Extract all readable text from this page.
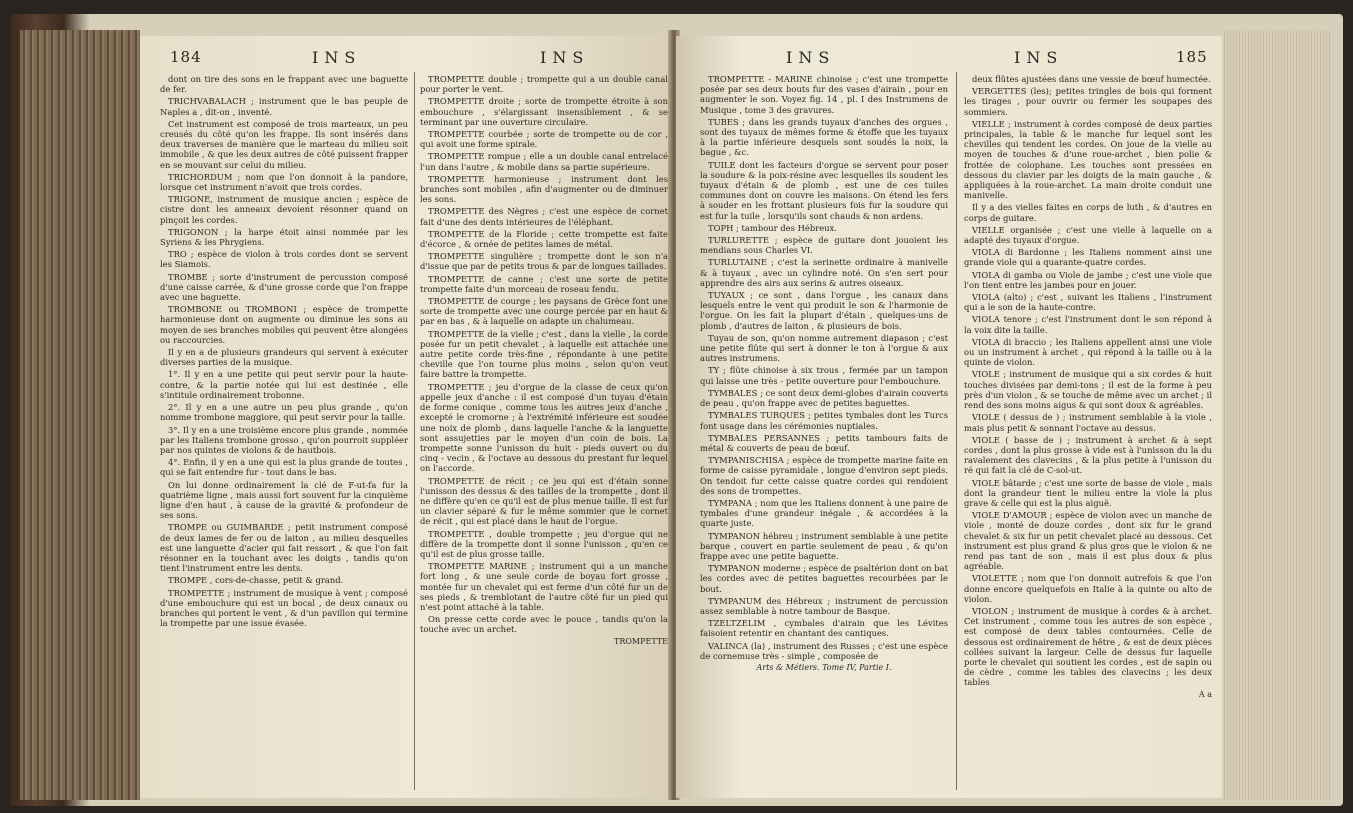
184	INS	INS

dont on tire des sons en le frappant avec une baguette de fer.

TRICHVABALACH ; instrument que le bas peuple de Naples a , dit-on , inventé.

Cet instrument est composé de trois marteaux, un peu creusés du côté qu'on les frappe. Ils sont insérés dans deux traverses de manière que le marteau du milieu soit immobile , & que les deux autres de côté puissent frapper en se mouvant sur celui du milieu.

TRICHORDUM ; nom que l'on donnoit à la pandore, lorsque cet instrument n'avoit que trois cordes.

TRIGONE, instrument de musique ancien ; espèce de cistre dont les anneaux devoient résonner quand on pinçoit les cordes.

TRIGONON ; la harpe étoit ainsi nommée par les Syriens & les Phrygiens.

TRO ; espèce de violon à trois cordes dont se servent les Siamois.

TROMBE ; sorte d'instrument de percussion composé d'une caisse carrée, & d'une grosse corde que l'on frappe avec une baguette.

TROMBONE ou TROMBONI ; espèce de trompette harmonieuse dont on augmente ou diminue les sons au moyen de ses branches mobiles qui peuvent être alongées ou raccourcies.

Il y en a de plusieurs grandeurs qui servent à exécuter diverses parties de la musique.

1°. Il y en a une petite qui peut servir pour la haute-contre, & la partie notée qui lui est destinée , elle s'intitule ordinairement trobonne.

2°. Il y en a une autre un peu plus grande , qu'on nomme trombone maggiore, qui peut servir pour la taille.

3°. Il y en a une troisième encore plus grande , nommée par les Italiens trombone grosso , qu'on pourroit suppléer par nos quintes de violons & de hautbois.

4°. Enfin, il y en a une qui est la plus grande de toutes , qui se fait entendre fur - tout dans le bas.

On lui donne ordinairement la clé de F-ut-fa fur la quatrième ligne , mais aussi fort souvent fur la cinquième ligne d'en haut , à cause de la gravité & profondeur de ses sons.

TROMPE ou GUIMBARDE ; petit instrument composé de deux lames de fer ou de laiton , au milieu desquelles est une languette d'acier qui fait ressort , & que l'on fait résonner en la touchant avec les doigts , tandis qu'on tient l'instrument entre les dents.

TROMPE , cors-de-chasse, petit & grand.

TROMPETTE ; instrument de musique à vent ; composé d'une embouchure qui est un bocal , de deux canaux ou branches qui portent le vent , & d'un pavillon qui termine la trompette par une issue évasée.

TROMPETTE double ; trompette qui a un double canal pour porter le vent.

TROMPETTE droite ; sorte de trompette étroite à son embouchure , s'élargissant insensiblement , & se terminant par une ouverture circulaire.

TROMPETTE courbée ; sorte de trompette ou de cor , qui avoit une forme spirale.

TROMPETTE rompue ; elle a un double canal entrelacé l'un dans l'autre , & mobile dans sa partie supérieure.

TROMPETTE harmonieuse ; instrument dont les branches sont mobiles , afin d'augmenter ou de diminuer les sons.

TROMPETTE des Nègres ; c'est une espèce de cornet fait d'une des dents intérieures de l'éléphant.

TROMPETTE de la Floride ; cette trompette est faite d'écorce , & ornée de petites lames de métal.

TROMPETTE singulière ; trompette dont le son n'a d'issue que par de petits trous & par de longues taillades.

TROMPETTE de canne ; c'est une sorte de petite trompette faite d'un morceau de roseau fendu.

TROMPETTE de courge ; les paysans de Grèce font une sorte de trompette avec une courge percée par en haut & par en bas , & à laquelle on adapte un chalumeau.

TROMPETTE de la vielle ; c'est , dans la vielle , la corde posée fur un petit chevalet , à laquelle est attachée une autre petite corde très-fine , répondante à une petite cheville que l'on tourne plus moins , selon qu'on veut faire battre la trompette.

TROMPETTE ; jeu d'orgue de la classe de ceux qu'on appelle jeux d'anche : il est composé d'un tuyau d'étain de forme conique , comme tous les autres jeux d'anche , excepté le cromorne ; à l'extrémité inférieure est soudée une noix de plomb , dans laquelle l'anche & la languette sont assujetties par le moyen d'un coin de bois. La trompette sonne l'unisson du huit - pieds ouvert ou du cinq - vecin , & l'octave au dessous du prestant fur lequel on l'accorde.

TROMPETTE de récit ; ce jeu qui est d'étain sonne l'unisson des dessus & des tailles de la trompette , dont il ne diffère qu'en ce qu'il est de plus menue taille. Il est fur un clavier séparé & fur le même sommier que le cornet de récit , qui est placé dans le haut de l'orgue.

TROMPETTE , double trompette ; jeu d'orgue qui ne diffère de la trompette dont il sonne l'unisson , qu'en ce qu'il est de plus grosse taille.

TROMPETTE MARINE ; instrument qui a un manche fort long , & une seule corde de boyau fort grosse , montée fur un chevalet qui est ferme d'un côté fur un de ses pieds , & tremblotant de l'autre côté fur un pied qui n'est point attaché à la table.

On presse cette corde avec le pouce , tandis qu'on la touche avec un archet.

TROMPETTE
INS	INS	185

TROMPETTE - MARINE chinoise ; c'est une trompette posée par ses deux bouts fur des vases d'airain , pour en augmenter le son. Voyez fig. 14 , pl. I des Instrumens de Musique , tome 3 des gravures.

TUBES ; dans les grands tuyaux d'anches des orgues , sont des tuyaux de mêmes forme & étoffe que les tuyaux à la partie inférieure desquels sont soudés la noix, la bague , &c.

TUILE dont les facteurs d'orgue se servent pour poser la soudure & la poix-résine avec lesquelles ils soudent les tuyaux d'étain & de plomb , est une de ces tuiles communes dont on couvre les maisons. On étend les fers à souder en les frottant plusieurs fois fur la soudure qui est fur la tuile , lorsqu'ils sont chauds & non ardens.

TOPH ; tambour des Hébreux.

TURLURETTE ; espèce de guitare dont jouoient les mendians sous Charles VI.

TURLUTAINE ; c'est la serinette ordinaire à manivelle & à tuyaux , avec un cylindre noté. On s'en sert pour apprendre des airs aux serins & autres oiseaux.

TUYAUX ; ce sont , dans l'orgue , les canaux dans lesquels entre le vent qui produit le son & l'harmonie de l'orgue. On les fait la plupart d'étain , quelques-uns de plomb , d'autres de laiton , & plusieurs de bois.

Tuyau de son, qu'on nomme autrement diapason ; c'est une petite flûte qui sert à donner le ton à l'orgue & aux autres instrumens.

TY ; flûte chinoise à six trous , fermée par un tampon qui laisse une très - petite ouverture pour l'embouchure.

TYMBALES ; ce sont deux demi-globes d'airain couverts de peau , qu'on frappe avec de petites baguettes.

TYMBALES TURQUES ; petites tymbales dont les Turcs font usage dans les cérémonies nuptiales.

TYMBALES PERSANNES ; petits tambours faits de métal & couverts de peau de bœuf.

TYMPANISCHISA ; espèce de trompette marine faite en forme de caisse pyramidale , longue d'environ sept pieds. On tendoit fur cette caisse quatre cordes qui rendoient des sons de trompettes.

TYMPANA ; nom que les Italiens donnent à une paire de tymbales d'une grandeur inégale , & accordées à la quarte juste.

TYMPANON hébreu ; instrument semblable à une petite barque , couvert en partie seulement de peau , & qu'on frappe avec une petite baguette.

TYMPANON moderne ; espèce de psaltérion dont on bat les cordes avec de petites baguettes recourbées par le bout.

TYMPANUM des Hébreux ; instrument de percussion assez semblable à notre tambour de Basque.

TZELTZELIM , cymbales d'airain que les Lévites faisoient retentir en chantant des cantiques.

VALINCA (la) , instrument des Russes ; c'est une espèce de cornemuse très - simple , composée de

Arts & Métiers. Tome IV, Partie I.

deux flûtes ajustées dans une vessie de bœuf humectée.

VERGETTES (les); petites tringles de bois qui forment les tirages , pour ouvrir ou fermer les soupapes des sommiers.

VIELLE ; instrument à cordes composé de deux parties principales, la table & le manche fur lequel sont les chevilles qui tendent les cordes. On joue de la vielle au moyen de touches & d'une roue-archet , bien polie & frottée de colophane. Les touches sont pressées en dessous du clavier par les doigts de la main gauche , & appliquées à la roue-archet. La main droite conduit une manivelle.

Il y a des vielles faites en corps de luth , & d'autres en corps de guitare.

VIELLE organisée ; c'est une vielle à laquelle on a adapté des tuyaux d'orgue.

VIOLA di Bardonne ; les Italiens nomment ainsi une grande viole qui a quarante-quatre cordes.

VIOLA di gamba ou Viole de jambe ; c'est une viole que l'on tient entre les jambes pour en jouer.

VIOLA (alto) ; c'est , suivant les Italiens , l'instrument qui a le son de la haute-contre.

VIOLA tenore ; c'est l'instrument dont le son répond à la voix dite la taille.

VIOLA di braccio ; les Italiens appellent ainsi une viole ou un instrument à archet , qui répond à la taille ou à la quinte de violon.

VIOLE ; instrument de musique qui a six cordes & huit touches divisées par demi-tons ; il est de la forme à peu près d'un violon , & se touche de même avec un archet ; il rend des sons moins aigus & qui sont doux & agréables.

VIOLE ( dessus de ) ; instrument semblable à la viole , mais plus petit & sonnant l'octave au dessus.

VIOLE ( basse de ) ; instrument à archet & à sept cordes , dont la plus grosse à vide est à l'unisson du la du ravalement des clavecins , & la plus petite à l'unisson du ré qui fait la clé de C-sol-ut.

VIOLE bâtarde ; c'est une sorte de basse de viole , mais dont la grandeur tient le milieu entre la viole la plus grave & celle qui est la plus aiguë.

VIOLE D'AMOUR ; espèce de violon avec un manche de viole , monté de douze cordes , dont six fur le grand chevalet & six fur un petit chevalet placé au dessous. Cet instrument est plus grand & plus gros que le violon & ne rend pas tant de son , mais il est plus doux & plus agréable.

VIOLETTE ; nom que l'on donnoit autrefois & que l'on donne encore quelquefois en Italie à la quinte ou alto de violon.

VIOLON ; instrument de musique à cordes & à archet. Cet instrument , comme tous les autres de son espèce , est composé de deux tables contournées. Celle de dessous est ordinairement de hêtre , & est de deux pièces collées suivant la largeur. Celle de dessus fur laquelle porte le chevalet qui soutient les cordes , est de sapin ou de cèdre , comme les tables des clavecins ; les deux tables

A a
